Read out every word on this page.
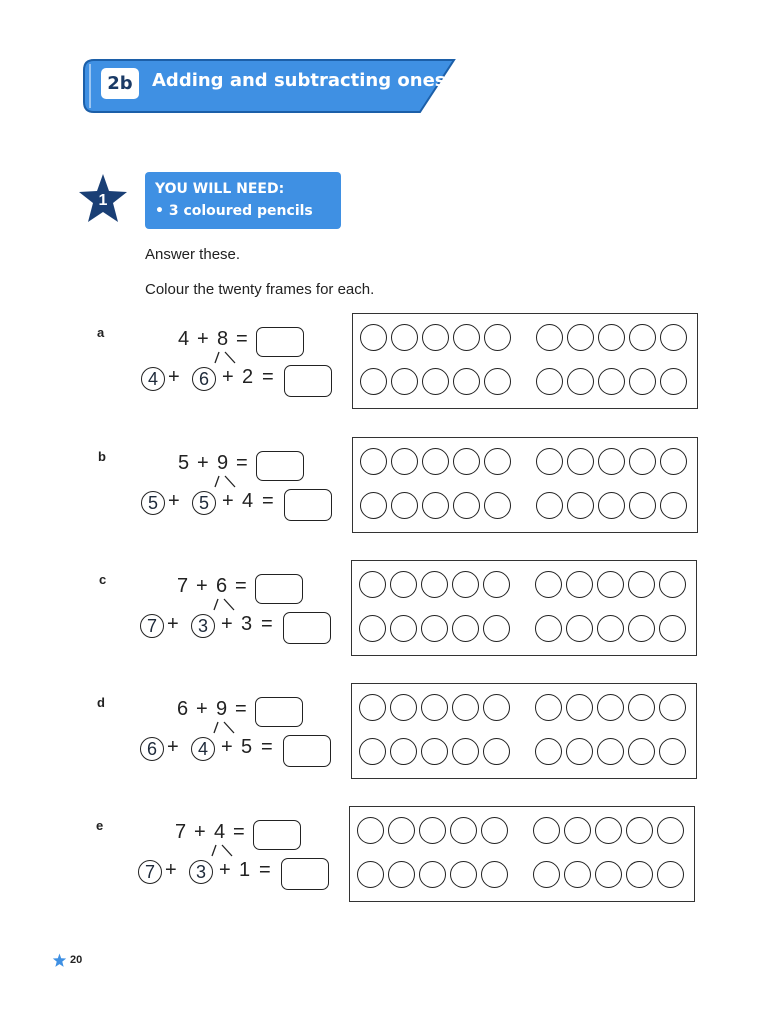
2b	Adding and subtracting ones
1
YOU WILL NEED:
• 3 coloured pencils
Answer these.
Colour the twenty frames for each.
a	4 + 8 =
4 +	6 + 2 =
b	5 + 9 =
5 +	5 + 4 =
c	7 + 6 =
7 +	3 + 3 =
d	6 + 9 =
6 +	4 + 5 =
e	7 + 4 =
7 +	3 + 1 =
20
